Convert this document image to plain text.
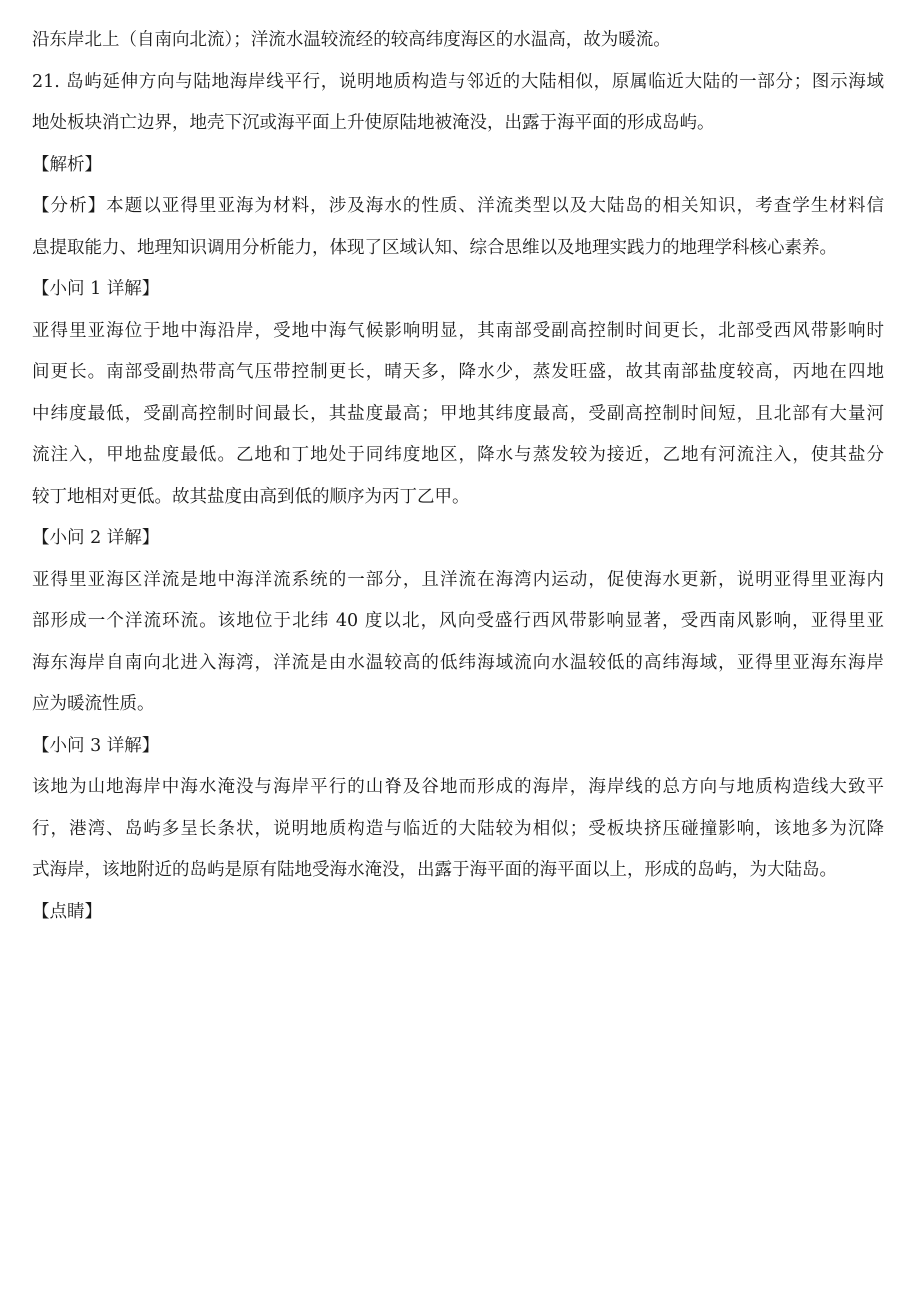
沿东岸北上（自南向北流）；洋流水温较流经的较高纬度海区的水温高，故为暖流。
21. 岛屿延伸方向与陆地海岸线平行，说明地质构造与邻近的大陆相似，原属临近大陆的一部分；图示海域
地处板块消亡边界，地壳下沉或海平面上升使原陆地被淹没，出露于海平面的形成岛屿。
【解析】
【分析】本题以亚得里亚海为材料，涉及海水的性质、洋流类型以及大陆岛的相关知识，考查学生材料信
息提取能力、地理知识调用分析能力，体现了区域认知、综合思维以及地理实践力的地理学科核心素养。
【小问 1 详解】
亚得里亚海位于地中海沿岸，受地中海气候影响明显，其南部受副高控制时间更长，北部受西风带影响时
间更长。南部受副热带高气压带控制更长，晴天多，降水少，蒸发旺盛，故其南部盐度较高，丙地在四地
中纬度最低，受副高控制时间最长，其盐度最高；甲地其纬度最高，受副高控制时间短，且北部有大量河
流注入，甲地盐度最低。乙地和丁地处于同纬度地区，降水与蒸发较为接近，乙地有河流注入，使其盐分
较丁地相对更低。故其盐度由高到低的顺序为丙丁乙甲。
【小问 2 详解】
亚得里亚海区洋流是地中海洋流系统的一部分，且洋流在海湾内运动，促使海水更新，说明亚得里亚海内
部形成一个洋流环流。该地位于北纬 40 度以北，风向受盛行西风带影响显著，受西南风影响，亚得里亚
海东海岸自南向北进入海湾，洋流是由水温较高的低纬海域流向水温较低的高纬海域，亚得里亚海东海岸
应为暖流性质。
【小问 3 详解】
该地为山地海岸中海水淹没与海岸平行的山脊及谷地而形成的海岸，海岸线的总方向与地质构造线大致平
行，港湾、岛屿多呈长条状，说明地质构造与临近的大陆较为相似；受板块挤压碰撞影响，该地多为沉降
式海岸，该地附近的岛屿是原有陆地受海水淹没，出露于海平面的海平面以上，形成的岛屿，为大陆岛。
【点睛】
